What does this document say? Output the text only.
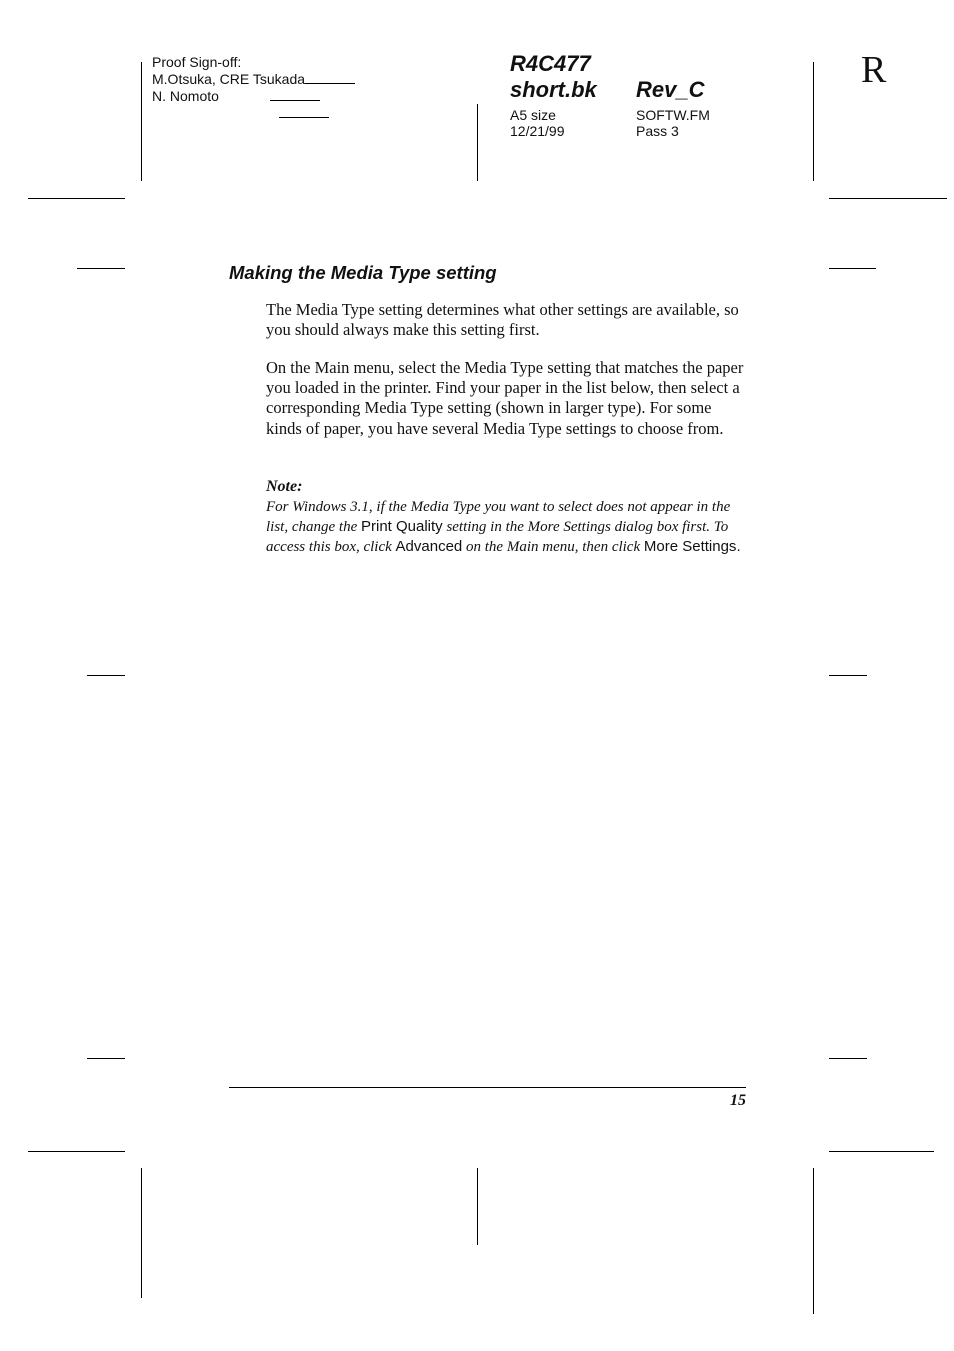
Proof Sign-off:
M.Otsuka, CRE Tsukada
N. Nomoto
R4C477
short.bk Rev_C
A5 size
12/21/99
SOFTW.FM
Pass 3
R
Making the Media Type setting

The Media Type setting determines what other settings are available, so you should always make this setting first.

On the Main menu, select the Media Type setting that matches the paper you loaded in the printer. Find your paper in the list below, then select a corresponding Media Type setting (shown in larger type). For some kinds of paper, you have several Media Type settings to choose from.

Note:

For Windows 3.1, if the Media Type you want to select does not appear in the list, change the Print Quality setting in the More Settings dialog box first. To access this box, click Advanced on the Main menu, then click More Settings.

15
